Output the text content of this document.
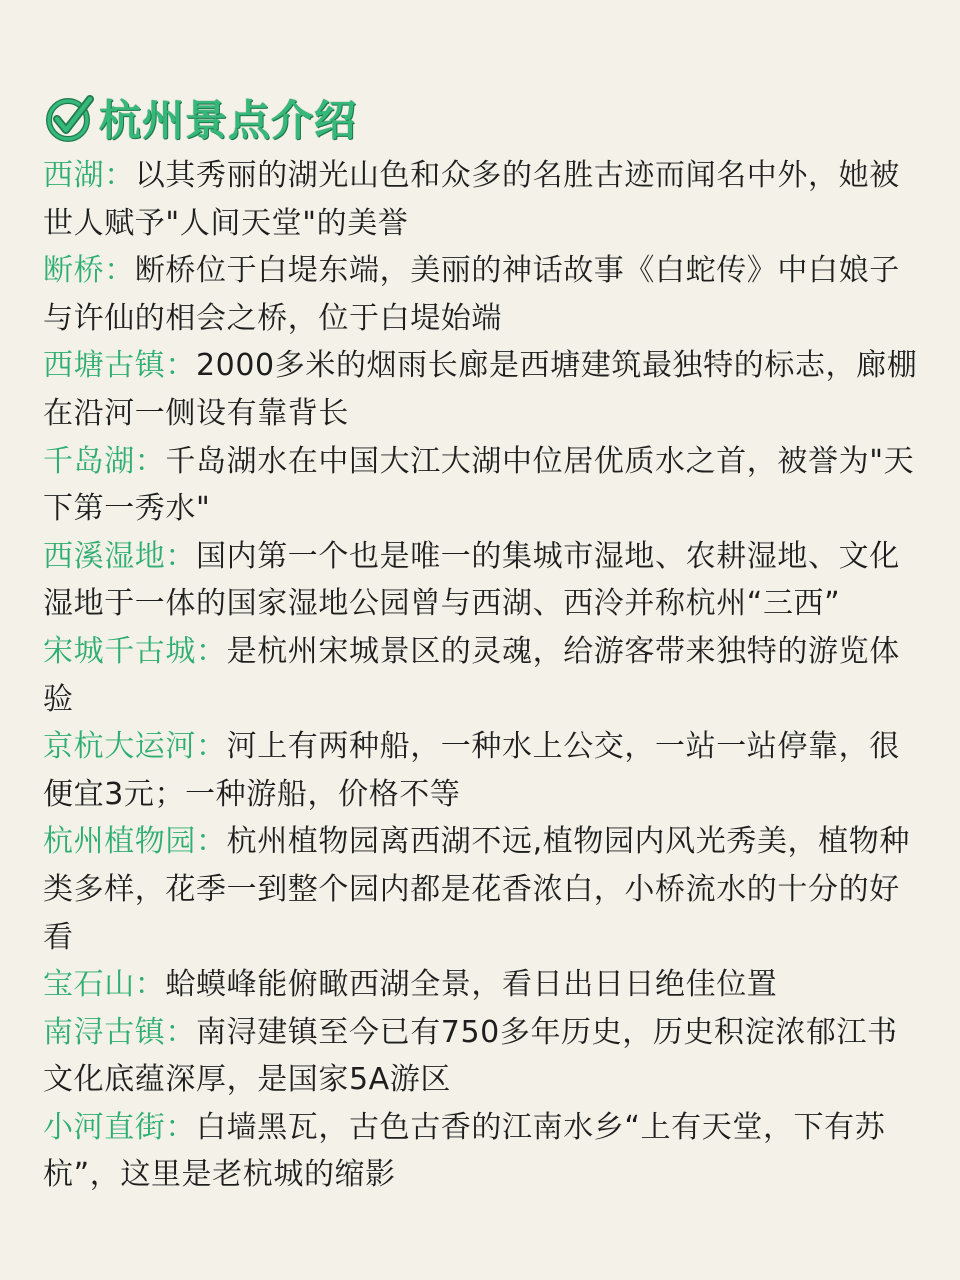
杭州景点介绍

西湖：以其秀丽的湖光山色和众多的名胜古迹而闻名中外，她被世人赋予"人间天堂"的美誉

断桥：断桥位于白堤东端，美丽的神话故事《白蛇传》中白娘子与许仙的相会之桥，位于白堤始端

西塘古镇：2000多米的烟雨长廊是西塘建筑最独特的标志，廊棚在沿河一侧设有靠背长

千岛湖：千岛湖水在中国大江大湖中位居优质水之首，被誉为"天下第一秀水"

西溪湿地：国内第一个也是唯一的集城市湿地、农耕湿地、文化湿地于一体的国家湿地公园曾与西湖、西泠并称杭州“三西”

宋城千古城：是杭州宋城景区的灵魂，给游客带来独特的游览体验

京杭大运河：河上有两种船，一种水上公交，一站一站停靠，很便宜3元；一种游船，价格不等

杭州植物园：杭州植物园离西湖不远,植物园内风光秀美，植物种类多样，花季一到整个园内都是花香浓白，小桥流水的十分的好看

宝石山：蛤蟆峰能俯瞰西湖全景，看日出日日绝佳位置

南浔古镇：南浔建镇至今已有750多年历史，历史积淀浓郁江书文化底蕴深厚，是国家5A游区

小河直街：白墙黑瓦，古色古香的江南水乡“上有天堂，下有苏杭”，这里是老杭城的缩影
